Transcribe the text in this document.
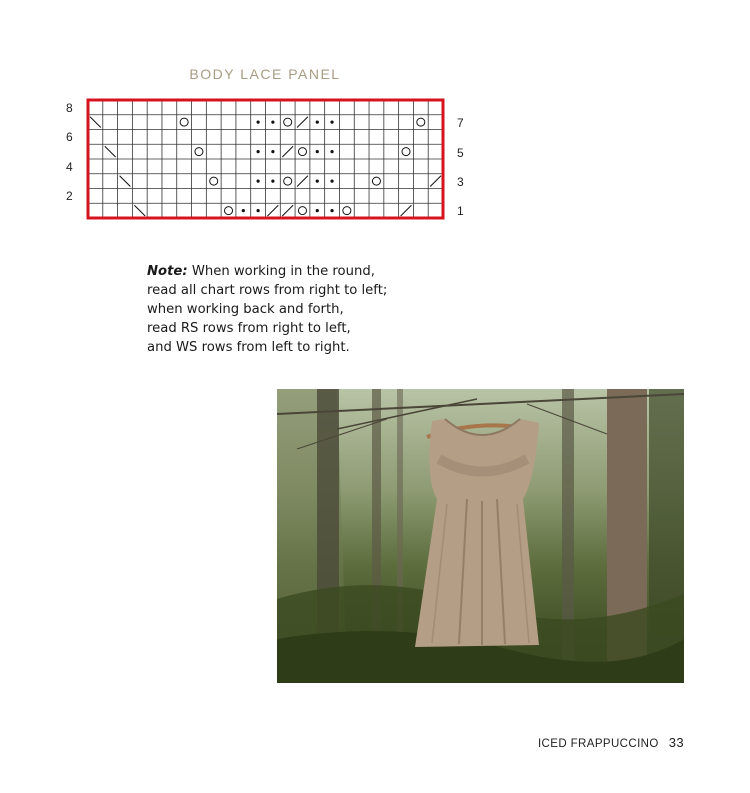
BODY LACE PANEL
8
6
4
2
7
5
3
1
Note: When working in the round,
read all chart rows from right to left;
when working back and forth,
read RS rows from right to left,
and WS rows from left to right.
ICED FRAPPUCCINO 33
